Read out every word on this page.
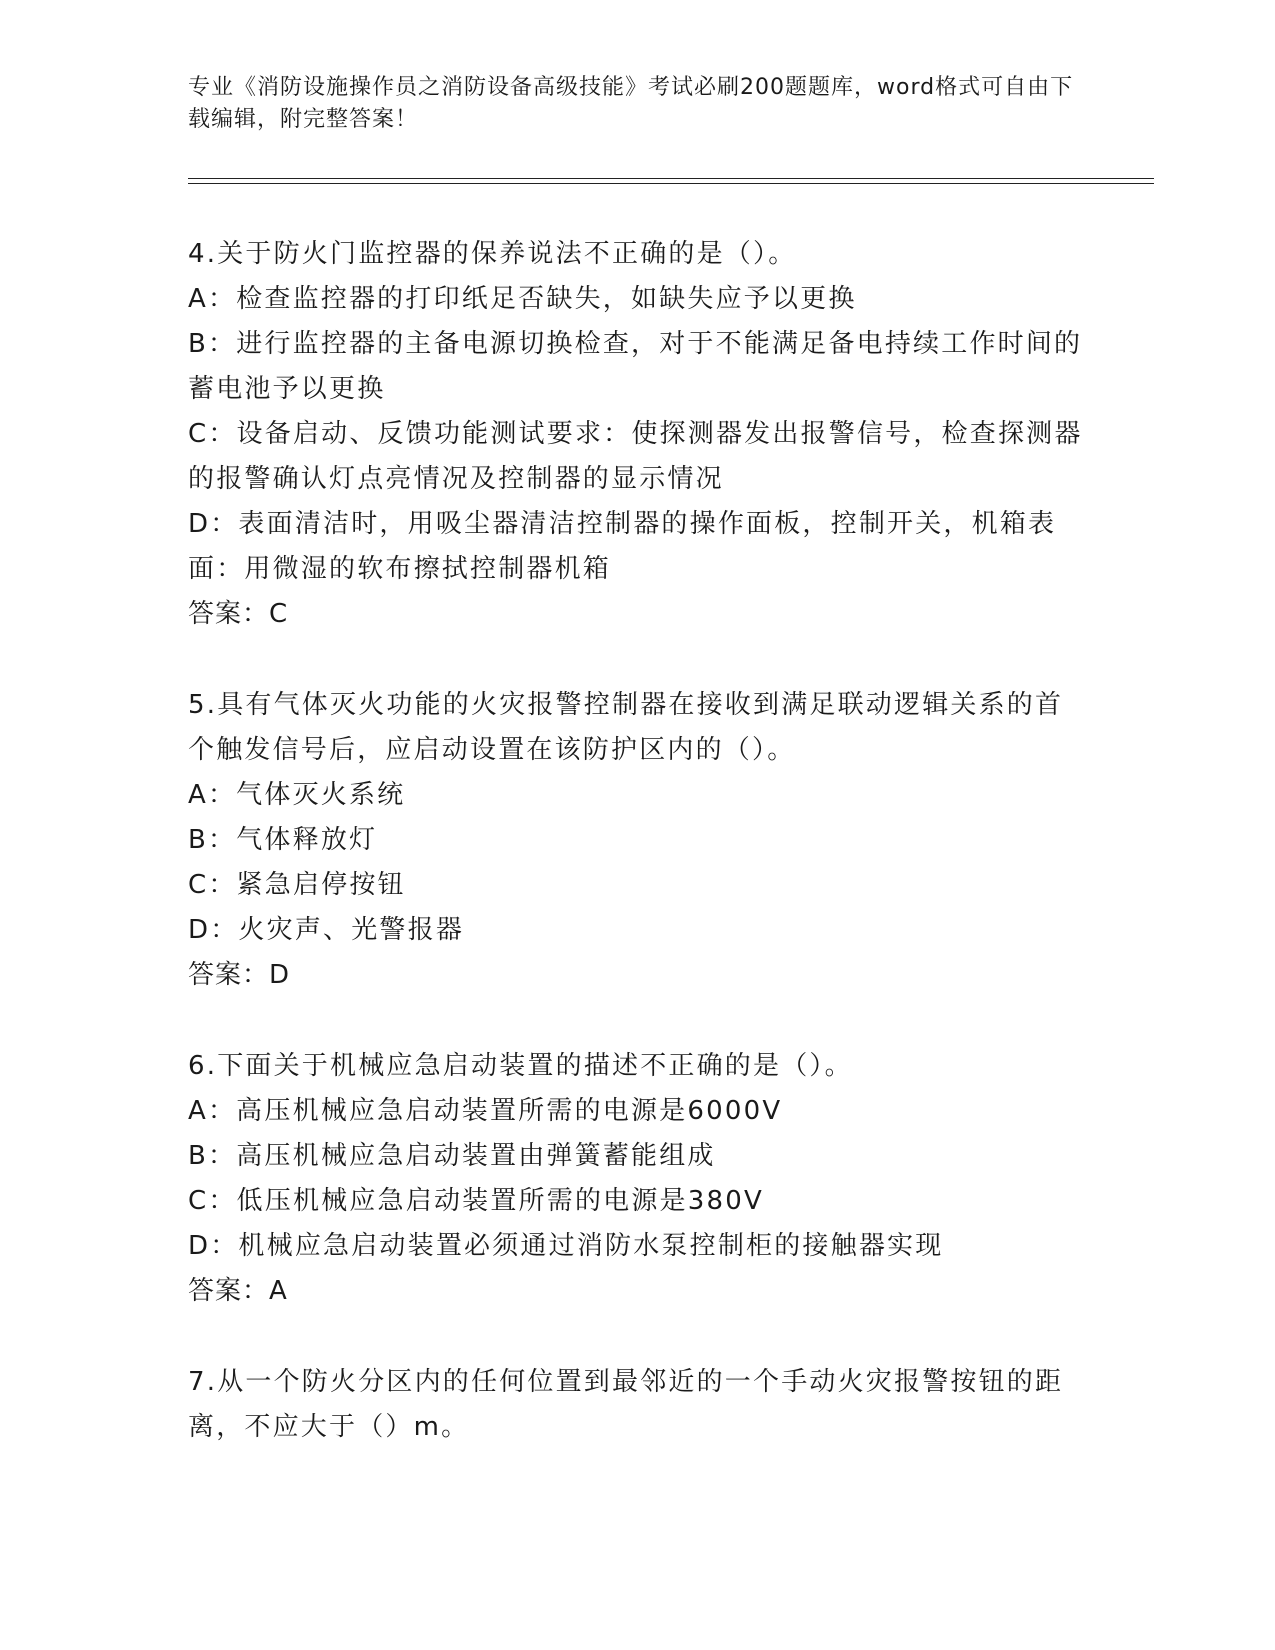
专业《消防设施操作员之消防设备高级技能》考试必刷200题题库，word格式可自由下载编辑，附完整答案！
4.关于防火门监控器的保养说法不正确的是（）。
A：检查监控器的打印纸足否缺失，如缺失应予以更换
B：进行监控器的主备电源切换检查，对于不能满足备电持续工作时间的蓄电池予以更换
C：设备启动、反馈功能测试要求：使探测器发出报警信号，检查探测器的报警确认灯点亮情况及控制器的显示情况
D：表面清洁时，用吸尘器清洁控制器的操作面板，控制开关，机箱表面：用微湿的软布擦拭控制器机箱
答案：C
5.具有气体灭火功能的火灾报警控制器在接收到满足联动逻辑关系的首个触发信号后，应启动设置在该防护区内的（）。
A：气体灭火系统
B：气体释放灯
C：紧急启停按钮
D：火灾声、光警报器
答案：D
6.下面关于机械应急启动装置的描述不正确的是（）。
A：高压机械应急启动装置所需的电源是6000V
B：高压机械应急启动装置由弹簧蓄能组成
C：低压机械应急启动装置所需的电源是380V
D：机械应急启动装置必须通过消防水泵控制柜的接触器实现
答案：A
7.从一个防火分区内的任何位置到最邻近的一个手动火灾报警按钮的距离，不应大于（）m。
